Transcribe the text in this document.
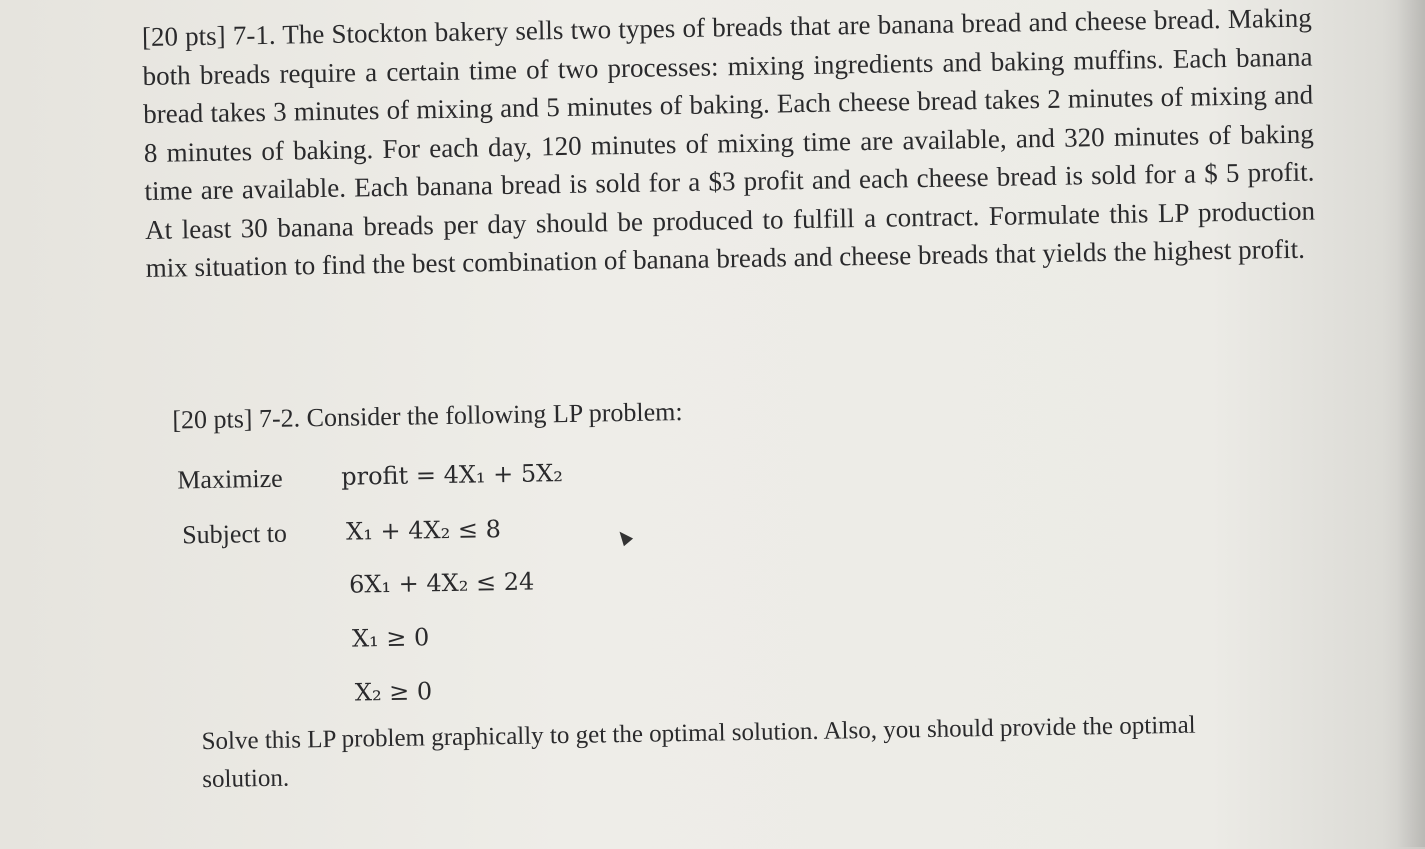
[20 pts] 7-1. The Stockton bakery sells two types of breads that are banana bread and cheese bread. Making both breads require a certain time of two processes: mixing ingredients and baking muffins. Each banana bread takes 3 minutes of mixing and 5 minutes of baking. Each cheese bread takes 2 minutes of mixing and 8 minutes of baking. For each day, 120 minutes of mixing time are available, and 320 minutes of baking time are available. Each banana bread is sold for a $3 profit and each cheese bread is sold for a $ 5 profit. At least 30 banana breads per day should be produced to fulfill a contract. Formulate this LP production mix situation to find the best combination of banana breads and cheese breads that yields the highest profit.
[20 pts] 7-2. Consider the following LP problem:
Maximize profit = 4X₁ + 5X₂
Subject to X₁ + 4X₂ ≤ 8
6X₁ + 4X₂ ≤ 24
X₁ ≥ 0
X₂ ≥ 0
Solve this LP problem graphically to get the optimal solution. Also, you should provide the optimal solution.
